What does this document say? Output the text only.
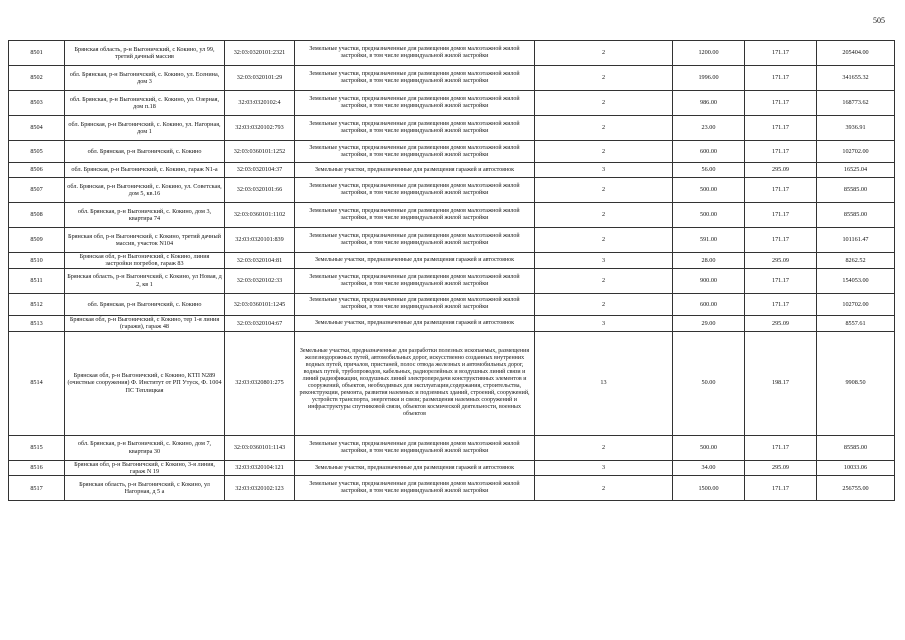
505
8501	Брянская область, р-н Выгоничский, с Кокино, ул 99, третий дачный массив	32:03:0320101:2321	Земельные участки, предназначенные для размещения домов малоэтажной жилой застройки, в том числе индивидуальной жилой застройки	2	1200.00	171.17	205404.00
8502	обл. Брянская, р-н Выгоничский, с. Кокино, ул. Есенина, дом 3	32:03:0320101:29	Земельные участки, предназначенные для размещения домов малоэтажной жилой застройки, в том числе индивидуальной жилой застройки	2	1996.00	171.17	341655.32
8503	обл. Брянская, р-н Выгоничский, с. Кокино, ул. Озерная, дом п.18	32:03:0320102:4	Земельные участки, предназначенные для размещения домов малоэтажной жилой застройки, в том числе индивидуальной жилой застройки	2	986.00	171.17	168773.62
8504	обл. Брянская, р-н Выгоничский, с. Кокино, ул. Нагорная, дом 1	32:03:0320102:793	Земельные участки, предназначенные для размещения домов малоэтажной жилой застройки, в том числе индивидуальной жилой застройки	2	23.00	171.17	3936.91
8505	обл. Брянская, р-н Выгоничский, с. Кокино	32:03:0360101:1252	Земельные участки, предназначенные для размещения домов малоэтажной жилой застройки, в том числе индивидуальной жилой застройки	2	600.00	171.17	102702.00
8506	обл. Брянская, р-н Выгоничский, с. Кокино, гараж N1-а	32:03:0320104:37	Земельные участки, предназначенные для размещения гаражей и автостоянок	3	56.00	295.09	16525.04
8507	обл. Брянская, р-н Выгоничский, с. Кокино, ул. Советская, дом 5, кв.16	32:03:0320101:66	Земельные участки, предназначенные для размещения домов малоэтажной жилой застройки, в том числе индивидуальной жилой застройки	2	500.00	171.17	85585.00
8508	обл. Брянская, р-н Выгоничский, с. Кокино, дом 3, квартира 74	32:03:0360101:1102	Земельные участки, предназначенные для размещения домов малоэтажной жилой застройки, в том числе индивидуальной жилой застройки	2	500.00	171.17	85585.00
8509	Брянская обл, р-н Выгоничский, с Кокино, третий дачный массив, участок N104	32:03:0320101:839	Земельные участки, предназначенные для размещения домов малоэтажной жилой застройки, в том числе индивидуальной жилой застройки	2	591.00	171.17	101161.47
8510	Брянская обл, р-н Выгоничский, с Кокино, линия застройки погребов, гараж 83	32:03:0320104:81	Земельные участки, предназначенные для размещения гаражей и автостоянок	3	28.00	295.09	8262.52
8511	Брянская область, р-н Выгоничский, с Кокино, ул Новая, д 2, кв 1	32:03:0320102:33	Земельные участки, предназначенные для размещения домов малоэтажной жилой застройки, в том числе индивидуальной жилой застройки	2	900.00	171.17	154053.00
8512	обл. Брянская, р-н Выгоничский, с. Кокино	32:03:0360101:1245	Земельные участки, предназначенные для размещения домов малоэтажной жилой застройки, в том числе индивидуальной жилой застройки	2	600.00	171.17	102702.00
8513	Брянская обл, р-н Выгоничский, с Кокино, тер 1-я линия (гаражи), гараж 48	32:03:0320104:67	Земельные участки, предназначенные для размещения гаражей и автостоянок	3	29.00	295.09	8557.61
8514	Брянская обл, р-н Выгоничский, с Кокино, КТП N289 (очистные сооружения) Ф. Институт от РП Утуск, Ф. 1004 ПС Теплицкая	32:03:0320801:275	Земельные участки, предназначенные для разработки полезных ископаемых, размещения железнодорожных путей, автомобильных дорог, искусственно созданных внутренних водных путей, причалов, пристаней, полос отвода железных и автомобильных дорог, водных путей, трубопроводов, кабельных, радиорелейных и воздушных линий связи и линий радиофикации, воздушных линий электропередачи конструктивных элементов и сооружений, объектов, необходимых для эксплуатации,содержания, строительства, реконструкции, ремонта, развития наземных и подземных зданий, строений, сооружений, устройств транспорта, энергетики и связи; размещения наземных сооружений и инфраструктуры спутниковой связи, объектов космической деятельности, военных объектов	13	50.00	198.17	9908.50
8515	обл. Брянская, р-н Выгоничский, с. Кокино, дом 7, квартира 30	32:03:0360101:1143	Земельные участки, предназначенные для размещения домов малоэтажной жилой застройки, в том числе индивидуальной жилой застройки	2	500.00	171.17	85585.00
8516	Брянская обл, р-н Выгоничский, с Кокино, 3-я линия, гараж N 19	32:03:0320104:121	Земельные участки, предназначенные для размещения гаражей и автостоянок	3	34.00	295.09	10033.06
8517	Брянская область, р-н Выгоничский, с Кокино, ул Нагорная, д 5 а	32:03:0320102:123	Земельные участки, предназначенные для размещения домов малоэтажной жилой застройки, в том числе индивидуальной жилой застройки	2	1500.00	171.17	256755.00
